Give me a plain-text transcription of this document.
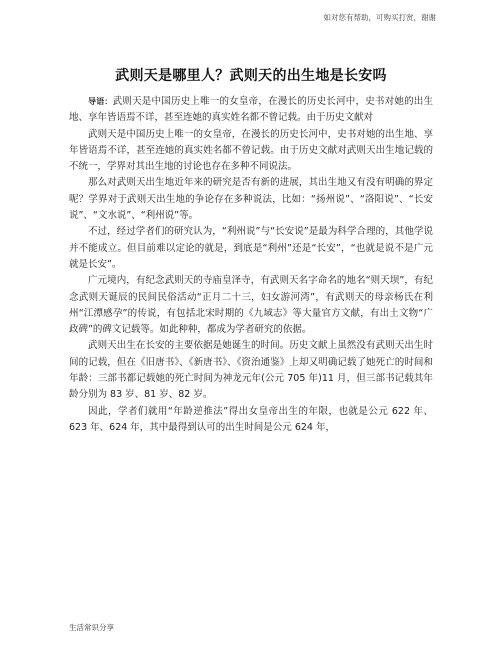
如对您有帮助，可购买打赏，谢谢
武则天是哪里人？武则天的出生地是长安吗

导语：武则天是中国历史上唯一的女皇帝，在漫长的历史长河中，史书对她的出生地、享年皆语焉不详，甚至连她的真实姓名都不曾记载。由于历史文献对

武则天是中国历史上唯一的女皇帝，在漫长的历史长河中，史书对她的出生地、享年皆语焉不详，甚至连她的真实姓名都不曾记载。由于历史文献对武则天出生地记载的不统一，学界对其出生地的讨论也存在多种不同说法。

那么对武则天出生地近年来的研究是否有新的进展，其出生地又有没有明确的界定呢？学界对于武则天出生地的争论存在多种说法，比如：“扬州说”、“洛阳说”、“长安说”、“文水说”、“利州说”等。

不过，经过学者们的研究认为，“利州说”与“长安说”是最为科学合理的，其他学说并不能成立。但目前难以定论的就是，到底是“利州”还是“长安”，“也就是说不是广元就是长安”。

广元境内，有纪念武则天的寺庙皇泽寺，有武则天名字命名的地名“则天坝”，有纪念武则天诞辰的民间民俗活动“正月二十三，妇女游河湾”，有武则天的母亲杨氏在利州“江潭感孕”的传说，有包括北宋时期的《九域志》等大量官方文献，有出土文物“广政碑”的碑文记载等。如此种种，都成为学者研究的依据。

武则天出生在长安的主要依据是她诞生的时间。历史文献上虽然没有武则天出生时间的记载，但在《旧唐书》、《新唐书》、《资治通鉴》上却又明确记载了她死亡的时间和年龄：三部书都记载她的死亡时间为神龙元年(公元 705 年)11 月，但三部书记载其年龄分别为 83 岁、81 岁、82 岁。

因此，学者们就用“年龄逆推法”得出女皇帝出生的年限，也就是公元 622 年、623 年、624 年，其中最得到认可的出生时间是公元 624 年，

生活常识分享
